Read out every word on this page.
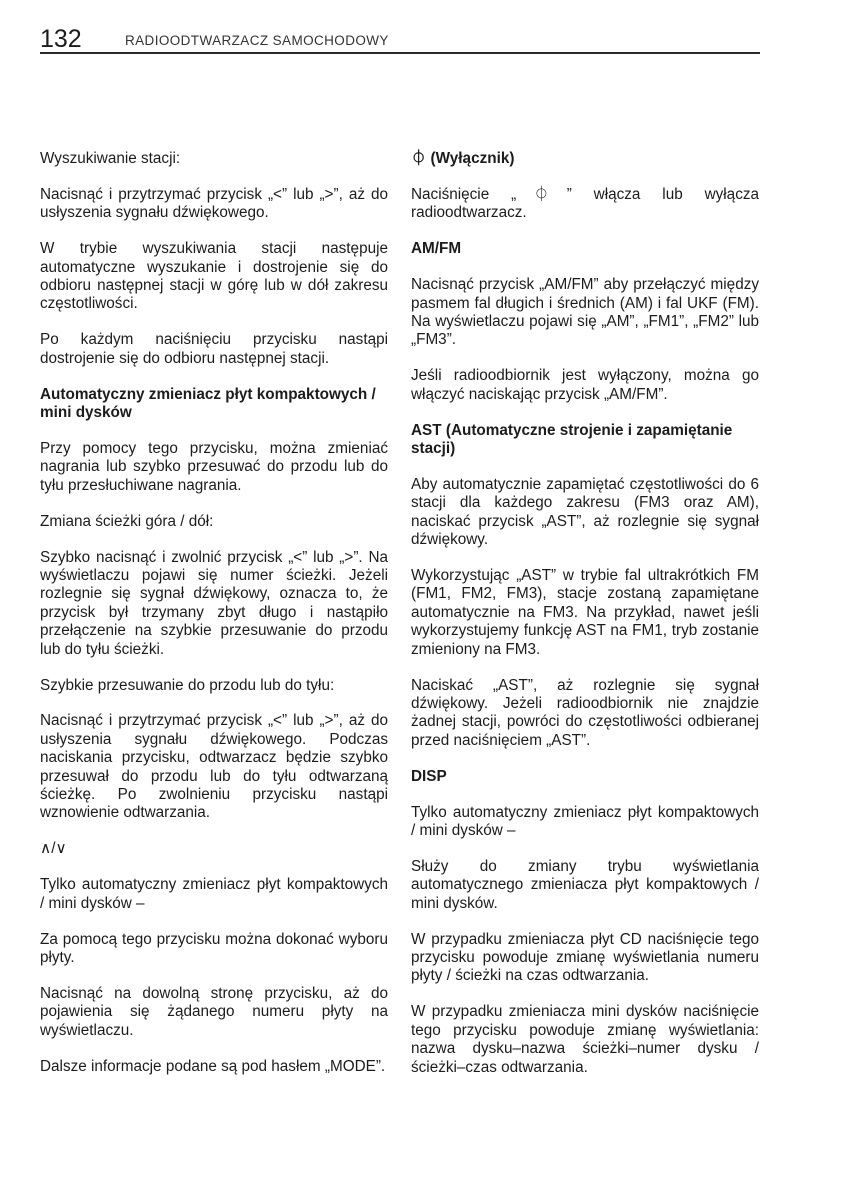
132	RADIOODTWARZACZ SAMOCHODOWY

Wyszukiwanie stacji:

Nacisnąć i przytrzymać przycisk „<” lub „>”, aż do usłyszenia sygnału dźwiękowego.

W trybie wyszukiwania stacji następuje automatyczne wyszukanie i dostrojenie się do odbioru następnej stacji w górę lub w dół zakresu częstotliwości.

Po każdym naciśnięciu przycisku nastąpi dostrojenie się do odbioru następnej stacji.

Automatyczny zmieniacz płyt kompaktowych / mini dysków

Przy pomocy tego przycisku, można zmieniać nagrania lub szybko przesuwać do przodu lub do tyłu przesłuchiwane nagrania.

Zmiana ścieżki góra / dół:

Szybko nacisnąć i zwolnić przycisk „<” lub „>”. Na wyświetlaczu pojawi się numer ścieżki. Jeżeli rozlegnie się sygnał dźwiękowy, oznacza to, że przycisk był trzymany zbyt długo i nastąpiło przełączenie na szybkie przesuwanie do przodu lub do tyłu ścieżki.

Szybkie przesuwanie do przodu lub do tyłu:

Nacisnąć i przytrzymać przycisk „<” lub „>”, aż do usłyszenia sygnału dźwiękowego. Podczas naciskania przycisku, odtwarzacz będzie szybko przesuwał do przodu lub do tyłu odtwarzaną ścieżkę. Po zwolnieniu przycisku nastąpi wznowienie odtwarzania.

∧/∨

Tylko automatyczny zmieniacz płyt kompaktowych / mini dysków –

Za pomocą tego przycisku można dokonać wyboru płyty.

Nacisnąć na dowolną stronę przycisku, aż do pojawienia się żądanego numeru płyty na wyświetlaczu.

Dalsze informacje podane są pod hasłem „MODE”.

⏀ (Wyłącznik)

Naciśnięcie „⏀” włącza lub wyłącza radioodtwarzacz.

AM/FM

Nacisnąć przycisk „AM/FM” aby przełączyć między pasmem fal długich i średnich (AM) i fal UKF (FM). Na wyświetlaczu pojawi się „AM”, „FM1”, „FM2” lub „FM3”.

Jeśli radioodbiornik jest wyłączony, można go włączyć naciskając przycisk „AM/FM”.

AST (Automatyczne strojenie i zapamiętanie stacji)

Aby automatycznie zapamiętać częstotliwości do 6 stacji dla każdego zakresu (FM3 oraz AM), naciskać przycisk „AST”, aż rozlegnie się sygnał dźwiękowy.

Wykorzystując „AST” w trybie fal ultrakrótkich FM (FM1, FM2, FM3), stacje zostaną zapamiętane automatycznie na FM3. Na przykład, nawet jeśli wykorzystujemy funkcję AST na FM1, tryb zostanie zmieniony na FM3.

Naciskać „AST”, aż rozlegnie się sygnał dźwiękowy. Jeżeli radioodbiornik nie znajdzie żadnej stacji, powróci do częstotliwości odbieranej przed naciśnięciem „AST”.

DISP

Tylko automatyczny zmieniacz płyt kompaktowych / mini dysków –

Służy do zmiany trybu wyświetlania automatycznego zmieniacza płyt kompaktowych / mini dysków.

W przypadku zmieniacza płyt CD naciśnięcie tego przycisku powoduje zmianę wyświetlania numeru płyty / ścieżki na czas odtwarzania.

W przypadku zmieniacza mini dysków naciśnięcie tego przycisku powoduje zmianę wyświetlania: nazwa dysku–nazwa ścieżki–numer dysku / ścieżki–czas odtwarzania.
